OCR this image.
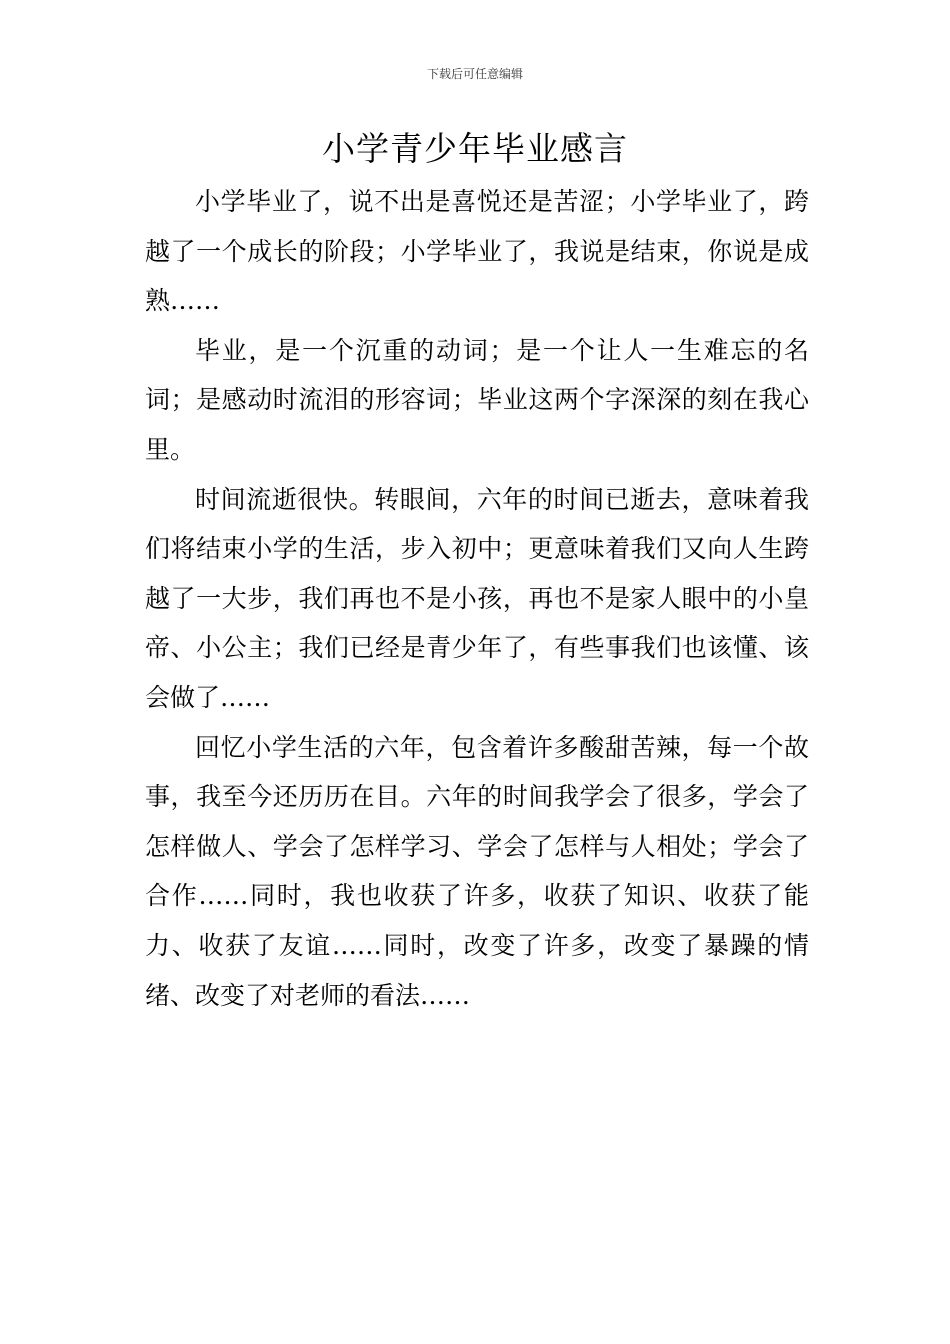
下载后可任意编辑
小学青少年毕业感言

小学毕业了，说不出是喜悦还是苦涩；小学毕业了，跨越了一个成长的阶段；小学毕业了，我说是结束，你说是成熟……

毕业，是一个沉重的动词；是一个让人一生难忘的名词；是感动时流泪的形容词；毕业这两个字深深的刻在我心里。

时间流逝很快。转眼间，六年的时间已逝去，意味着我们将结束小学的生活，步入初中；更意味着我们又向人生跨越了一大步，我们再也不是小孩，再也不是家人眼中的小皇帝、小公主；我们已经是青少年了，有些事我们也该懂、该会做了……

回忆小学生活的六年，包含着许多酸甜苦辣，每一个故事，我至今还历历在目。六年的时间我学会了很多，学会了怎样做人、学会了怎样学习、学会了怎样与人相处；学会了合作……同时，我也收获了许多，收获了知识、收获了能力、收获了友谊……同时，改变了许多，改变了暴躁的情绪、改变了对老师的看法……
